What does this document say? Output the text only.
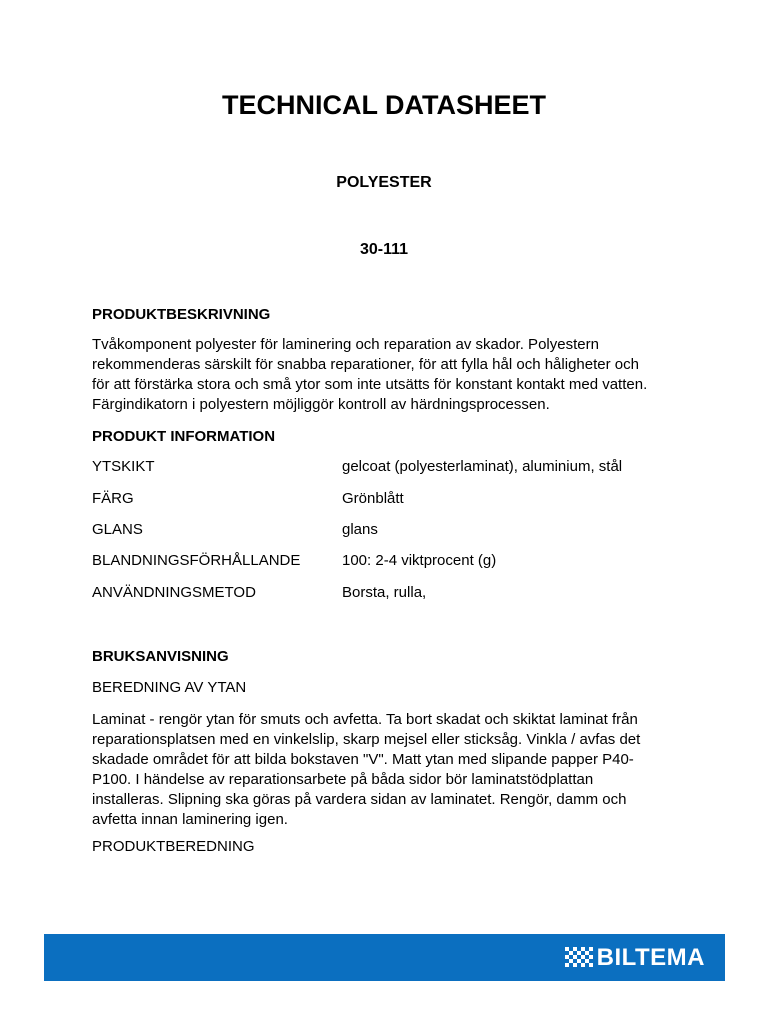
TECHNICAL DATASHEET
POLYESTER
30-111
PRODUKTBESKRIVNING
Tvåkomponent polyester för laminering och reparation av skador. Polyestern
rekommenderas särskilt för snabba reparationer, för att fylla hål och håligheter och
för att förstärka stora och små ytor som inte utsätts för konstant kontakt med vatten.
Färgindikatorn i polyestern möjliggör kontroll av härdningsprocessen.
PRODUKT INFORMATION
YTSKIKT	gelcoat (polyesterlaminat), aluminium, stål
FÄRG	Grönblått
GLANS	glans
BLANDNINGSFÖRHÅLLANDE	100: 2-4 viktprocent (g)
ANVÄNDNINGSMETOD	Borsta, rulla,
BRUKSANVISNING
BEREDNING AV YTAN
Laminat - rengör ytan för smuts och avfetta. Ta bort skadat och skiktat laminat från
reparationsplatsen med en vinkelslip, skarp mejsel eller sticksåg. Vinkla / avfas det
skadade området för att bilda bokstaven "V". Matt ytan med slipande papper P40-
P100. I händelse av reparationsarbete på båda sidor bör laminatstödplattan
installeras. Slipning ska göras på vardera sidan av laminatet. Rengör, damm och
avfetta innan laminering igen.
PRODUKTBEREDNING
BILTEMA
